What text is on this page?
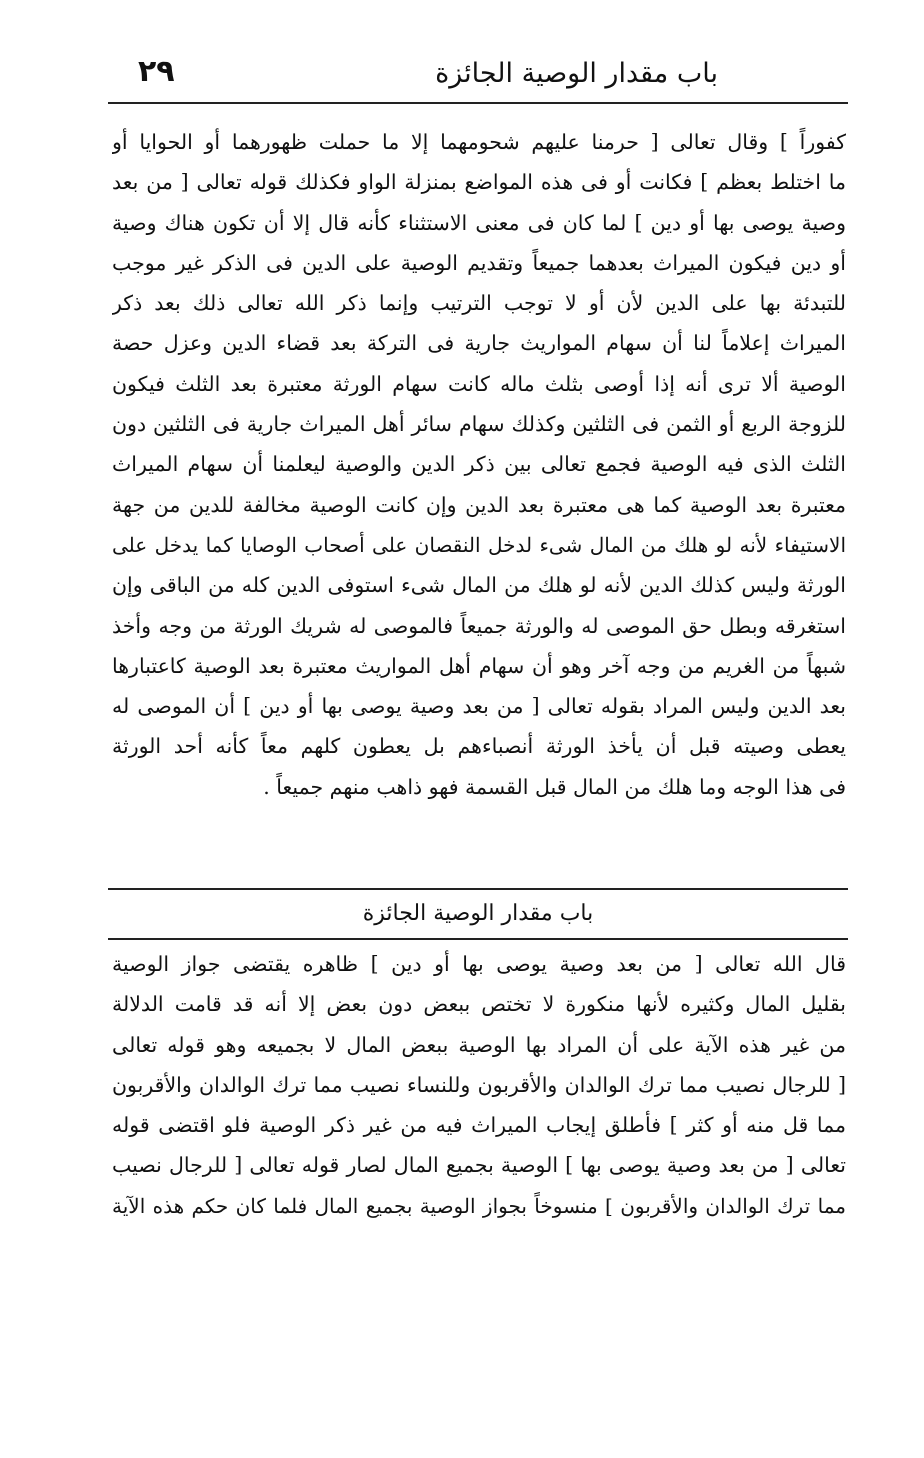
باب مقدار الوصية الجائزة
٢٩
كفوراً ] وقال تعالى [ حرمنا عليهم شحومهما إلا ما حملت ظهورهما أو الحوايا أو
ما اختلط بعظم ] فكانت أو فى هذه المواضع بمنزلة الواو فكذلك قوله تعالى [ من بعد
وصية يوصى بها أو دين ] لما كان فى معنى الاستثناء كأنه قال إلا أن تكون هناك وصية
أو دين فيكون الميراث بعدهما جميعاً وتقديم الوصية على الدين فى الذكر غير موجب
للتبدئة بها على الدين لأن أو لا توجب الترتيب وإنما ذكر الله تعالى ذلك بعد ذكر
الميراث إعلاماً لنا أن سهام المواريث جارية فى التركة بعد قضاء الدين وعزل حصة
الوصية ألا ترى أنه إذا أوصى بثلث ماله كانت سهام الورثة معتبرة بعد الثلث فيكون
للزوجة الربع أو الثمن فى الثلثين وكذلك سهام سائر أهل الميراث جارية فى الثلثين دون
الثلث الذى فيه الوصية فجمع تعالى بين ذكر الدين والوصية ليعلمنا أن سهام الميراث
معتبرة بعد الوصية كما هى معتبرة بعد الدين وإن كانت الوصية مخالفة للدين من جهة
الاستيفاء لأنه لو هلك من المال شىء لدخل النقصان على أصحاب الوصايا كما يدخل على
الورثة وليس كذلك الدين لأنه لو هلك من المال شىء استوفى الدين كله من الباقى وإن
استغرقه وبطل حق الموصى له والورثة جميعاً فالموصى له شريك الورثة من وجه وأخذ
شبهاً من الغريم من وجه آخر وهو أن سهام أهل المواريث معتبرة بعد الوصية كاعتبارها
بعد الدين وليس المراد بقوله تعالى [ من بعد وصية يوصى بها أو دين ] أن الموصى له
يعطى وصيته قبل أن يأخذ الورثة أنصباءهم بل يعطون كلهم معاً كأنه أحد الورثة
فى هذا الوجه وما هلك من المال قبل القسمة فهو ذاهب منهم جميعاً .
باب مقدار الوصية الجائزة
قال الله تعالى [ من بعد وصية يوصى بها أو دين ] ظاهره يقتضى جواز الوصية
بقليل المال وكثيره لأنها منكورة لا تختص ببعض دون بعض إلا أنه قد قامت الدلالة
من غير هذه الآية على أن المراد بها الوصية ببعض المال لا بجميعه وهو قوله تعالى
[ للرجال نصيب مما ترك الوالدان والأقربون وللنساء نصيب مما ترك الوالدان والأقربون
مما قل منه أو كثر ] فأطلق إيجاب الميراث فيه من غير ذكر الوصية فلو اقتضى قوله
تعالى [ من بعد وصية يوصى بها ] الوصية بجميع المال لصار قوله تعالى [ للرجال نصيب
مما ترك الوالدان والأقربون ] منسوخاً بجواز الوصية بجميع المال فلما كان حكم هذه الآية
